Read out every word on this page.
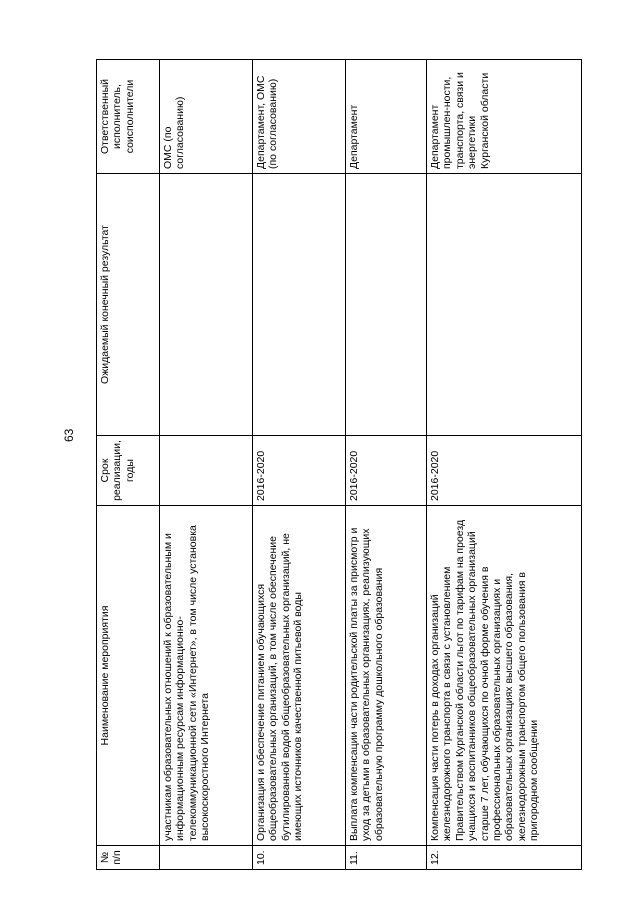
63
№ п/п	Наименование мероприятия	Срок реализации, годы	Ожидаемый конечный результат	Ответственный исполнитель, соисполнители
	участникам образовательных отношений к образовательным и информационным ресурсам информационно-телекоммуникационной сети «Интернет», в том числе установка высокоскоростного Интернета			ОМС (по согласованию)
10.	Организация и обеспечение питанием обучающихся общеобразовательных организаций, в том числе обеспечение бутилированной водой общеобразовательных организаций, не имеющих источников качественной питьевой воды	2016-2020		Департамент, ОМС (по согласованию)
11.	Выплата компенсации части родительской платы за присмотр и уход за детьми в образовательных организациях, реализующих образовательную программу дошкольного образования	2016-2020		Департамент
12.	Компенсация части потерь в доходах организаций железнодорожного транспорта в связи с установлением Правительством Курганской области льгот по тарифам на проезд учащихся и воспитанников общеобразовательных организаций старше 7 лет, обучающихся по очной форме обучения в профессиональных образовательных организациях и образовательных организациях высшего образования, железнодорожным транспортом общего пользования в пригородном сообщении	2016-2020		Департамент промышлен-ности, транспорта, связи и энергетики Курганской области
